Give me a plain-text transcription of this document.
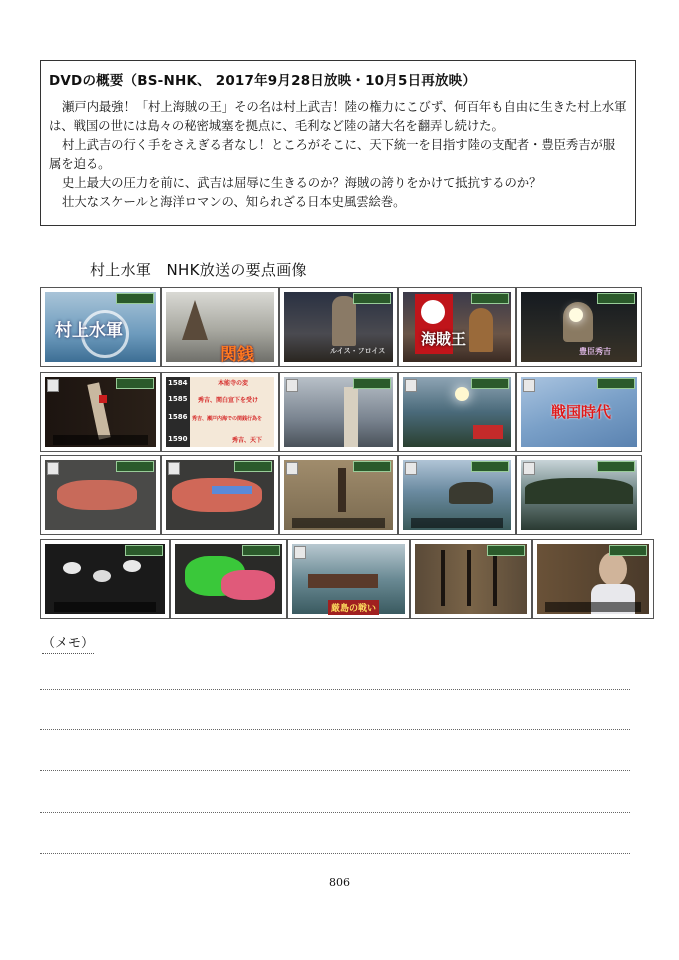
DVDの概要（BS-NHK、 2017年9月28日放映・10月5日再放映）

瀬戸内最強！「村上海賊の王」その名は村上武吉！陸の権力にこびず、何百年も自由に生きた村上水軍は、戦国の世には島々の秘密城塞を拠点に、毛利など陸の諸大名を翻弄し続けた。

村上武吉の行く手をさえぎる者なし！ところがそこに、天下統一を目指す陸の支配者・豊臣秀吉が服属を迫る。

史上最大の圧力を前に、武吉は屈辱に生きるのか？海賊の誇りをかけて抵抗するのか？

壮大なスケールと海洋ロマンの、知られざる日本史風雲絵巻。

村上水軍　NHK放送の要点画像
村上水軍
関銭	ルイス・フロイス
海賊王
豊臣秀吉
1584
1585
1586
1590
本能寺の変
秀吉、関白宣下を受け
秀吉、瀬戸内海での関銭行為を
秀吉、天下
戦国時代
厳島の戦い
（メモ）
806
